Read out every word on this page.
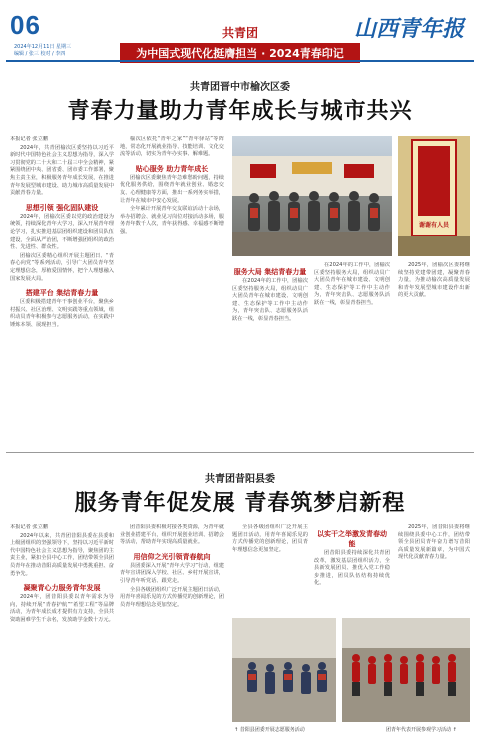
06
2024年12月11日 星期三
编辑 / 张三 校对 / 李四
共青团
为中国式现代化挺膺担当 · 2024青春印记
山西青年报
共青团晋中市榆次区委
青春力量助力青年成长与城市共兴

本报记者 张立鹏

2024年，共青团榆次区委坚持以习近平新时代中国特色社会主义思想为指导，深入学习贯彻党的二十大和二十届三中全会精神，紧紧围绕团中央、团省委、团市委工作部署，聚焦主责主业，积极服务青年成长发展，在推进青年发展型城市建设、助力城市高质量发展中贡献青春力量。

思想引领 强化固队建设

2024年，团榆次区委以党的政治建设为统领，持续深化青年大学习，深入开展青年理论学习，扎实推进基层团组织建设和团员队伍建设，全面从严治团，不断增强团组织的政治性、先进性、群众性。

团榆次区委精心组织开展主题团日、“青春心向党”等系列活动，引导广大团员青年坚定理想信念，厚植爱国情怀，把个人理想融入国家发展大局。

搭建平台 集结青春力量

区委积极搭建青年干事创业平台，聚焦乡村振兴、社区治理、文明实践等重点领域，组织动员青年积极参与志愿服务活动，在实践中锤炼本领、展现担当。

榆次区依托“青年之家”“青年驿站”等阵地，常态化开展就业指导、技能培训、文化交流等活动，切实为青年办实事、解难题。

贴心服务 助力青年成长

团榆次区委聚焦青年急难愁盼问题，持续优化服务供给，围绕青年就业创业、婚恋交友、心理健康等方面，推出一系列务实举措，让青年在城市中安心发展。

全年累计开展青年交友联谊活动十余场，举办招聘会、就业见习岗位对接活动多场，服务青年数千人次，青年获得感、幸福感不断增强。

谢谢有人员

服务大局 集结青春力量

在2024年的工作中，团榆次区委坚持服务大局，组织动员广大团员青年在城市建设、文明创建、生态保护等工作中主动作为，青年突击队、志愿服务队活跃在一线，彰显青春担当。

在2024年的工作中，团榆次区委坚持服务大局，组织动员广大团员青年在城市建设、文明创建、生态保护等工作中主动作为，青年突击队、志愿服务队活跃在一线，彰显青春担当。

2025年，团榆次区委将继续坚持党建带团建，凝聚青春力量，为推动榆次高质量发展和青年发展型城市建设作出新的更大贡献。

共青团昔阳县委
服务青年促发展 青春筑梦启新程

本报记者 张立鹏

2024年以来，共青团昔阳县委在县委和上级团组织的坚强领导下，坚持以习近平新时代中国特色社会主义思想为指导，聚焦团的主责主业，紧扣全县中心工作，团结带领全县团员青年在推动昔阳高质量发展中勇挑重担、奋勇争先。

凝聚青心力服务青年发展

2024年，团昔阳县委以青年需求为导向，持续开展“青春护航”“希望工程”等品牌活动，为青年成长成才提供有力支持，全县共资助困难学生千余名，发放助学金数十万元。

团昔阳县委积极对接各类资源，为青年就业创业搭建平台，组织开展创业培训、招聘会等活动，帮助青年实现高质量就业。

用信仰之光引领青春航向

县团委深入开展“青年大学习”行动，组建青年宣讲团深入学校、社区、乡村开展宣讲，引导青年听党话、跟党走。

全县各级团组织广泛开展主题团日活动，用青年喜闻乐见的方式传播党的创新理论，团员青年理想信念更加坚定。

全县各级团组织广泛开展主题团日活动，用青年喜闻乐见的方式传播党的创新理论，团员青年理想信念更加坚定。

以实干之举激发青春动能

团昔阳县委持续深化共青团改革，激发基层团组织活力，全县新发展团员、推优入党工作稳步推进，团员队伍结构持续优化。

2025年，团昔阳县委将继续围绕县委中心工作，团结带领全县团员青年奋力谱写昔阳高质量发展新篇章，为中国式现代化贡献青春力量。

↑ 昔阳县团委开展志愿服务活动	团青年代表开展参观学习活动 ↑
